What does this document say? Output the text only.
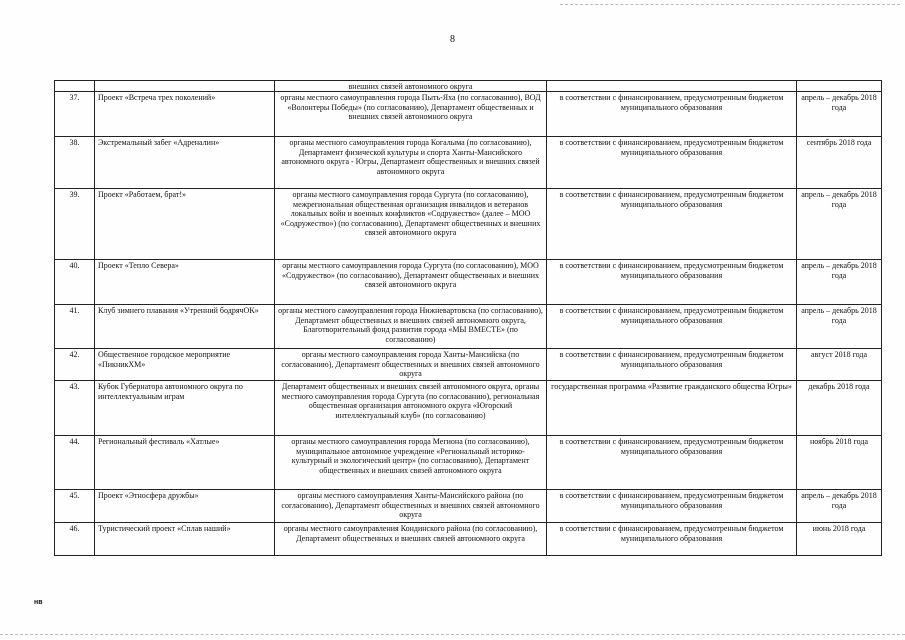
8
		внешних связей автономного округа		
37.	Проект «Встреча трех поколений»	органы местного самоуправления города Пыть-Яха (по согласованию), ВОД «Волонтеры Победы» (по согласованию), Департамент общественных и внешних связей автономного округа	в соответствии с финансированием, предусмотренным бюджетом муниципального образования	апрель – декабрь 2018 года
38.	Экстремальный забег «Адреналин»	органы местного самоуправления города Когалыма (по согласованию), Департамент физической культуры и спорта Ханты-Мансийского автономного округа - Югры, Департамент общественных и внешних связей автономного округа	в соответствии с финансированием, предусмотренным бюджетом муниципального образования	сентябрь 2018 года
39.	Проект «Работаем, брат!»	органы местного самоуправления города Сургута (по согласованию), межрегиональная общественная организация инвалидов и ветеранов локальных войн и военных конфликтов «Содружество» (далее – МОО «Содружество») (по согласованию), Департамент общественных и внешних связей автономного округа	в соответствии с финансированием, предусмотренным бюджетом муниципального образования	апрель – декабрь 2018 года
40.	Проект «Тепло Севера»	органы местного самоуправления города Сургута (по согласованию), МОО «Содружество» (по согласованию), Департамент общественных и внешних связей автономного округа	в соответствии с финансированием, предусмотренным бюджетом муниципального образования	апрель – декабрь 2018 года
41.	Клуб зимнего плавания «Утренний бодрячОК»	органы местного самоуправления города Нижневартовска (по согласованию), Департамент общественных и внешних связей автономного округа, Благотворительный фонд развития города «МЫ ВМЕСТЕ» (по согласованию)	в соответствии с финансированием, предусмотренным бюджетом муниципального образования	апрель – декабрь 2018 года
42.	Общественное городское мероприятие «ПикникХМ»	органы местного самоуправления города Ханты-Мансийска (по согласованию), Департамент общественных и внешних связей автономного округа	в соответствии с финансированием, предусмотренным бюджетом муниципального образования	август 2018 года
43.	Кубок Губернатора автономного округа по интеллектуальным играм	Департамент общественных и внешних связей автономного округа, органы местного самоуправления города Сургута (по согласованию), региональная общественная организация автономного округа «Югорский интеллектуальный клуб» (по согласованию)	государственная программа «Развитие гражданского общества Югры»	декабрь 2018 года
44.	Региональный фестиваль «Хатлые»	органы местного самоуправления города Мегиона (по согласованию), муниципальное автономное учреждение «Региональный историко-культурный и экологический центр» (по согласованию), Департамент общественных и внешних связей автономного округа	в соответствии с финансированием, предусмотренным бюджетом муниципального образования	ноябрь 2018 года
45.	Проект «Этносфера дружбы»	органы местного самоуправления Ханты-Мансийского района (по согласованию), Департамент общественных и внешних связей автономного округа	в соответствии с финансированием, предусмотренным бюджетом муниципального образования	апрель – декабрь 2018 года
46.	Туристический проект «Сплав наший»	органы местного самоуправления Кондинского района (по согласованию), Департамент общественных и внешних связей автономного округа	в соответствии с финансированием, предусмотренным бюджетом муниципального образования	июнь 2018 года
нв
